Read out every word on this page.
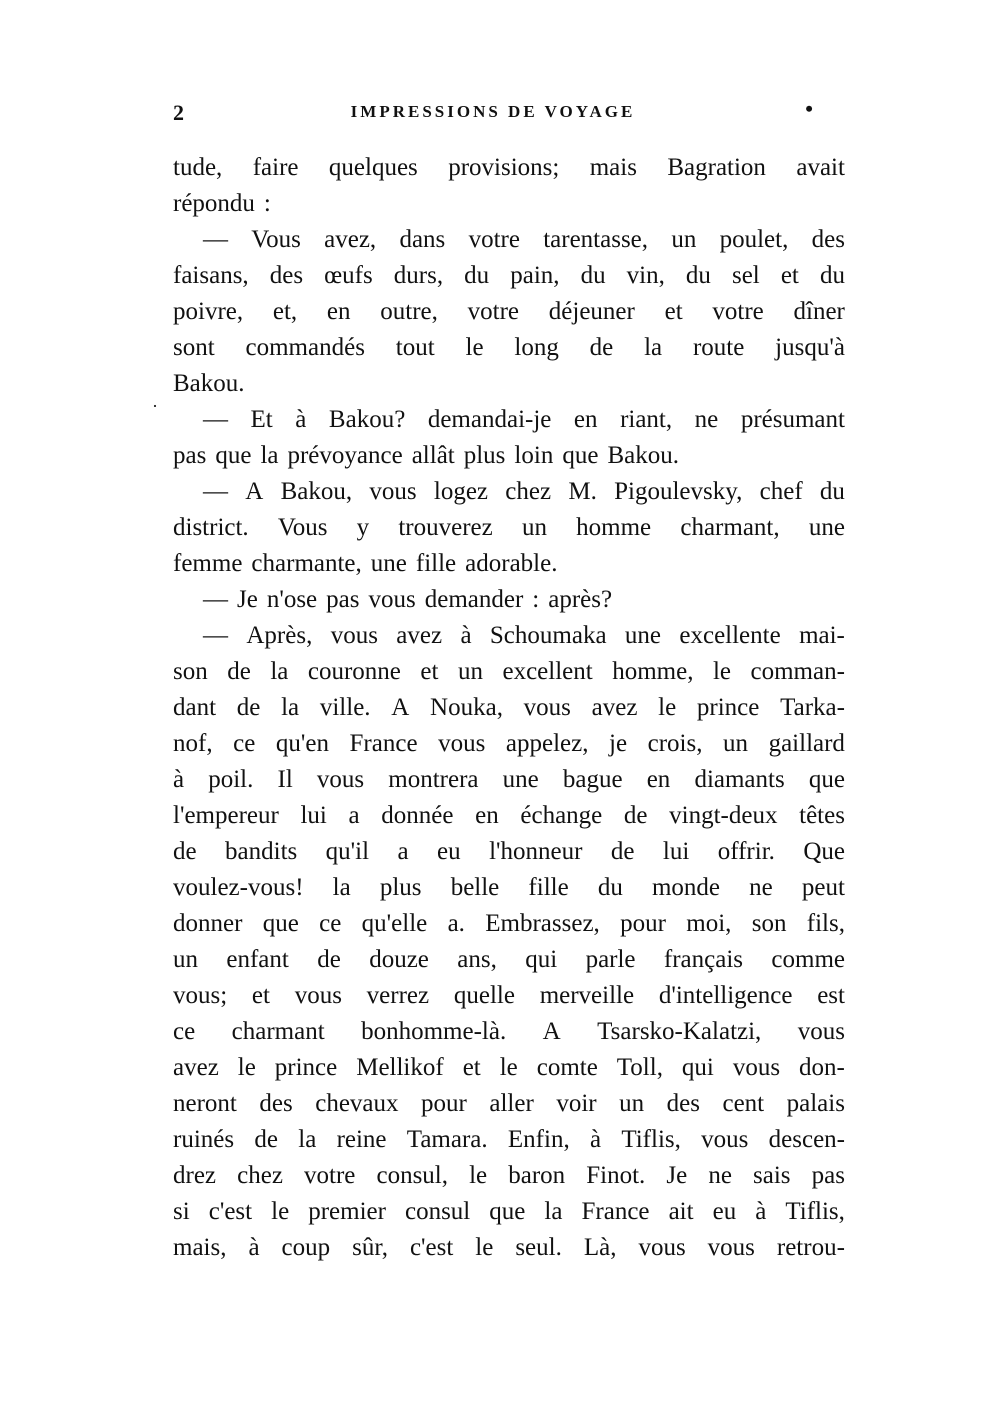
2	IMPRESSIONS DE VOYAGE	•
·
tude, faire quelques provisions; mais Bagration avait
répondu :
— Vous avez, dans votre tarentasse, un poulet, des
faisans, des œufs durs, du pain, du vin, du sel et du
poivre, et, en outre, votre déjeuner et votre dîner
sont commandés tout le long de la route jusqu'à
Bakou.
— Et à Bakou? demandai-je en riant, ne présumant
pas que la prévoyance allât plus loin que Bakou.
— A Bakou, vous logez chez M. Pigoulevsky, chef du
district. Vous y trouverez un homme charmant, une
femme charmante, une fille adorable.
— Je n'ose pas vous demander : après?
— Après, vous avez à Schoumaka une excellente mai-
son de la couronne et un excellent homme, le comman-
dant de la ville. A Nouka, vous avez le prince Tarka-
nof, ce qu'en France vous appelez, je crois, un gaillard
à poil. Il vous montrera une bague en diamants que
l'empereur lui a donnée en échange de vingt-deux têtes
de bandits qu'il a eu l'honneur de lui offrir. Que
voulez-vous! la plus belle fille du monde ne peut
donner que ce qu'elle a. Embrassez, pour moi, son fils,
un enfant de douze ans, qui parle français comme
vous; et vous verrez quelle merveille d'intelligence est
ce charmant bonhomme-là. A Tsarsko-Kalatzi, vous
avez le prince Mellikof et le comte Toll, qui vous don-
neront des chevaux pour aller voir un des cent palais
ruinés de la reine Tamara. Enfin, à Tiflis, vous descen-
drez chez votre consul, le baron Finot. Je ne sais pas
si c'est le premier consul que la France ait eu à Tiflis,
mais, à coup sûr, c'est le seul. Là, vous vous retrou-
